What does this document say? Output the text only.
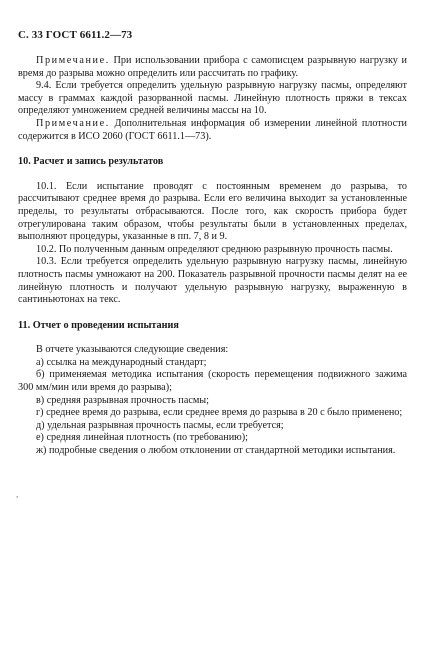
С. 33 ГОСТ 6611.2—73

Примечание. При использовании прибора с самописцем разрывную нагрузку и время до разрыва можно определить или рассчитать по графику.

9.4. Если требуется определить удельную разрывную нагрузку пасмы, определяют массу в граммах каждой разорванной пасмы. Линейную плотность пряжи в тексах определяют умножением средней величины массы на 10.

Примечание. Дополнительная информация об измерении линейной плотности содержится в ИСО 2060 (ГОСТ 6611.1—73).

10. Расчет и запись результатов

10.1. Если испытание проводят с постоянным временем до разрыва, то рассчитывают среднее время до разрыва. Если его величина выходит за установленные пределы, то результаты отбрасываются. После того, как скорость прибора будет отрегулирована таким образом, чтобы результаты были в установленных пределах, выполняют процедуры, указанные в пп. 7, 8 и 9.

10.2. По полученным данным определяют среднюю разрывную прочность пасмы.

10.3. Если требуется определить удельную разрывную нагрузку пасмы, линейную плотность пасмы умножают на 200. Показатель разрывной прочности пасмы делят на ее линейную плотность и получают удельную разрывную нагрузку, выраженную в сантиньютонах на текс.

11. Отчет о проведении испытания

В отчете указываются следующие сведения:

а) ссылка на международный стандарт;

б) применяемая методика испытания (скорость перемещения подвижного зажима 300 мм/мин или время до разрыва);

в) средняя разрывная прочность пасмы;

г) среднее время до разрыва, если среднее время до разрыва в 20 с было применено;

д) удельная разрывная прочность пасмы, если требуется;

е) средняя линейная плотность (по требованию);

ж) подробные сведения о любом отклонении от стандартной методики испытания.

,
